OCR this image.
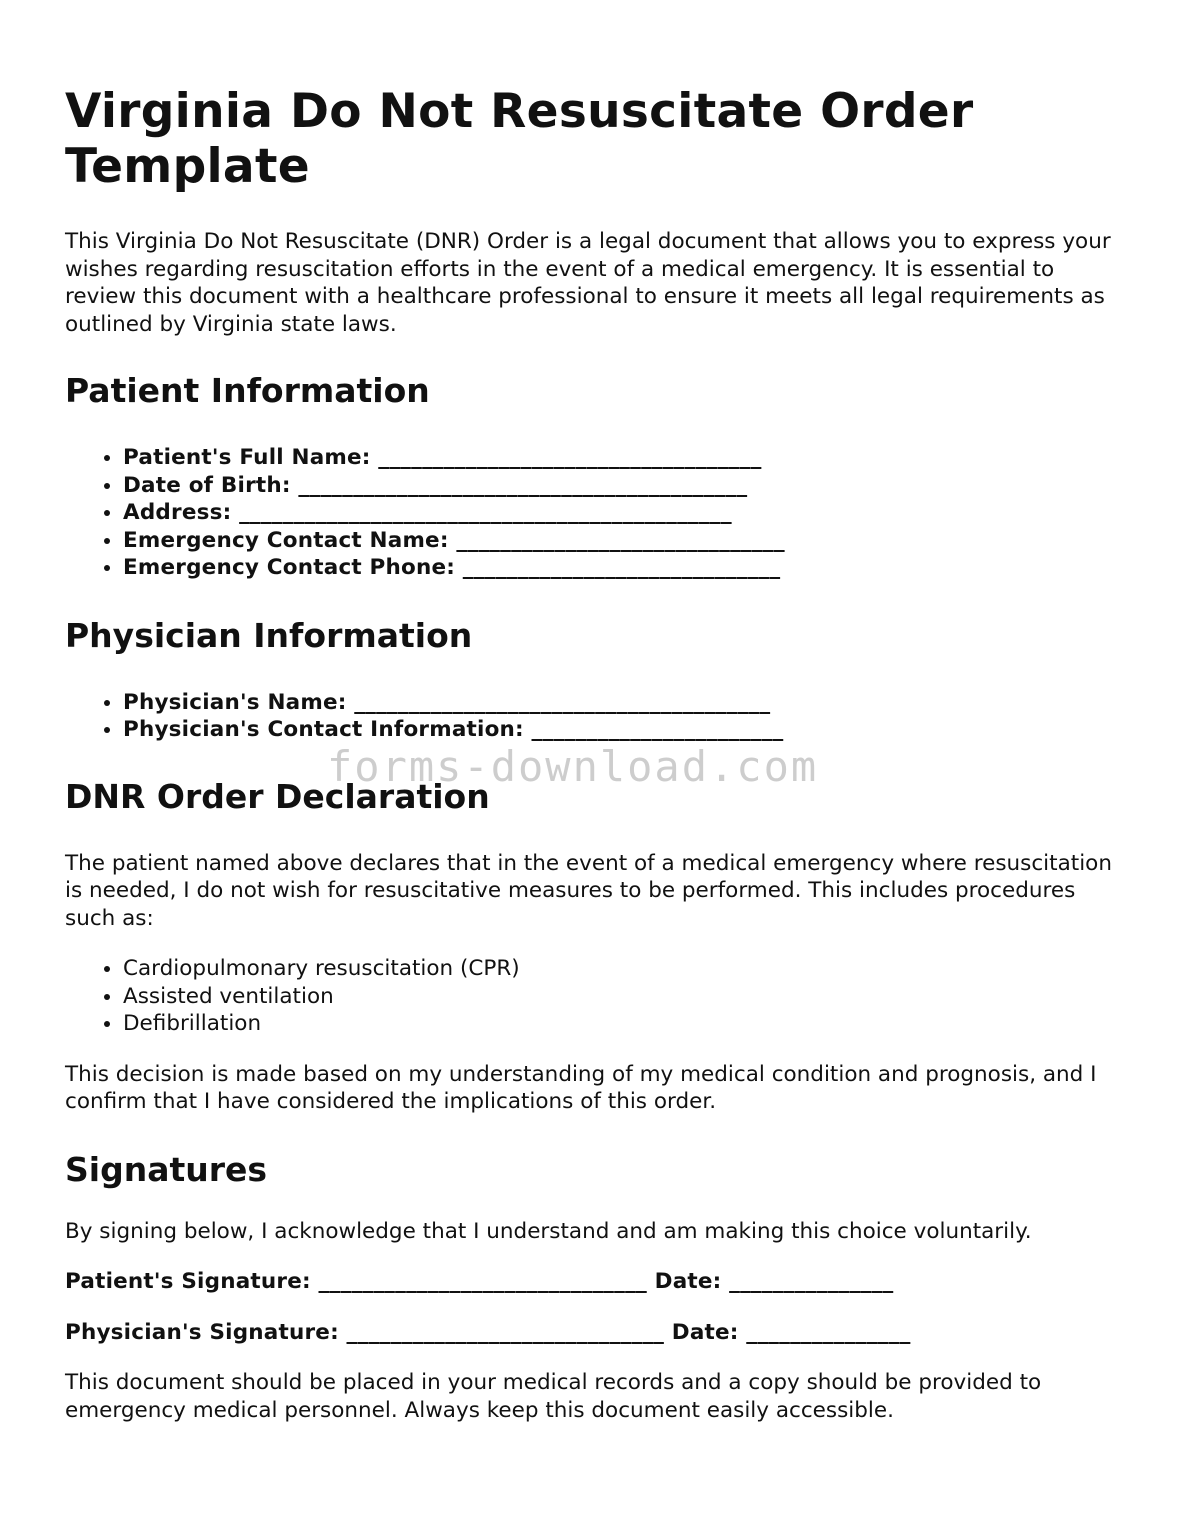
Virginia Do Not Resuscitate Order Template

This Virginia Do Not Resuscitate (DNR) Order is a legal document that allows you to express your wishes regarding resuscitation efforts in the event of a medical emergency. It is essential to review this document with a healthcare professional to ensure it meets all legal requirements as outlined by Virginia state laws.

Patient Information
• Patient's Full Name: ___________________________________
• Date of Birth: _________________________________________
• Address: _____________________________________________
• Emergency Contact Name: ______________________________
• Emergency Contact Phone: _____________________________
Physician Information
• Physician's Name: ______________________________________
• Physician's Contact Information: _______________________
DNR Order Declaration

The patient named above declares that in the event of a medical emergency where resuscitation is needed, I do not wish for resuscitative measures to be performed. This includes procedures such as:

• Cardiopulmonary resuscitation (CPR)
• Assisted ventilation
• Defibrillation

This decision is made based on my understanding of my medical condition and prognosis, and I confirm that I have considered the implications of this order.

Signatures

By signing below, I acknowledge that I understand and am making this choice voluntarily.

Patient's Signature: ______________________________ Date: _______________

Physician's Signature: _____________________________ Date: _______________

This document should be placed in your medical records and a copy should be provided to emergency medical personnel. Always keep this document easily accessible.

forms-download.com
